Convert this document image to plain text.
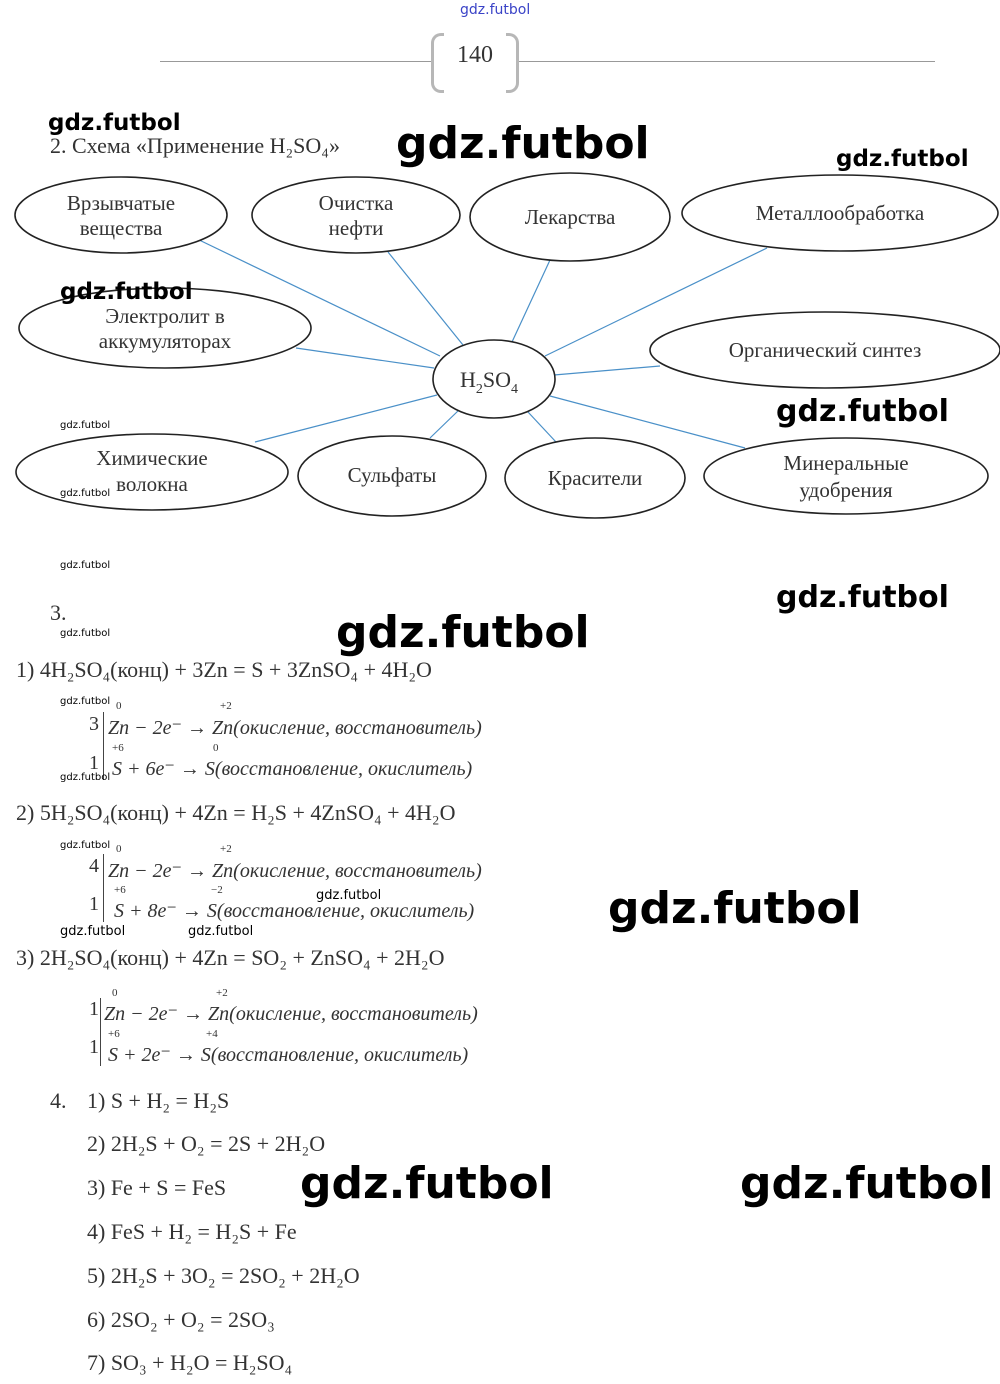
gdz.futbol
140
2. Схема «Применение H₂SO₄»
Врзывчатые
вещества
Очистка
нефти	Лекарства	Металлообработка
Электролит в
аккумуляторах	Органический синтез
Химические
волокна	Сульфаты	Красители
Минеральные
удобрения
$H_2SO_4$
3.
1) 4H₂SO₄(конц) + 3Zn = S + 3ZnSO₄ + 4H₂O
3
0	+2
Zn − 2e⁻ → Zn(окисление, восстановитель)
1
+6	0
S + 6e⁻ → S(восстановление, окислитель)
2) 5H₂SO₄(конц) + 4Zn = H₂S + 4ZnSO₄ + 4H₂O
4
0	+2
Zn − 2e⁻ → Zn(окисление, восстановитель)
1
+6	−2
S + 8e⁻ → S(восстановление, окислитель)
3) 2H₂SO₄(конц) + 4Zn = SO₂ + ZnSO₄ + 2H₂O
1
0	+2
Zn − 2e⁻ → Zn(окисление, восстановитель)
1
+6	+4
S + 2e⁻ → S(восстановление, окислитель)
4. 1) S + H₂ = H₂S
2) 2H₂S + O₂ = 2S + 2H₂O
3) Fe + S = FeS
4) FeS + H₂ = H₂S + Fe
5) 2H₂S + 3O₂ = 2SO₂ + 2H₂O
6) 2SO₂ + O₂ = 2SO₃
7) SO₃ + H₂O = H₂SO₄
gdz.futbol	gdz.futbol	gdz.futbol
gdz.futbol
gdz.futbol
gdz.futbol
gdz.futbol
gdz.futbol
gdz.futbol
gdz.futbol	gdz.futbol
gdz.futbol
gdz.futbol
gdz.futbol
gdz.futbol	gdz.futbol
gdz.futbol	gdz.futbol
gdz.futbol	gdz.futbol
